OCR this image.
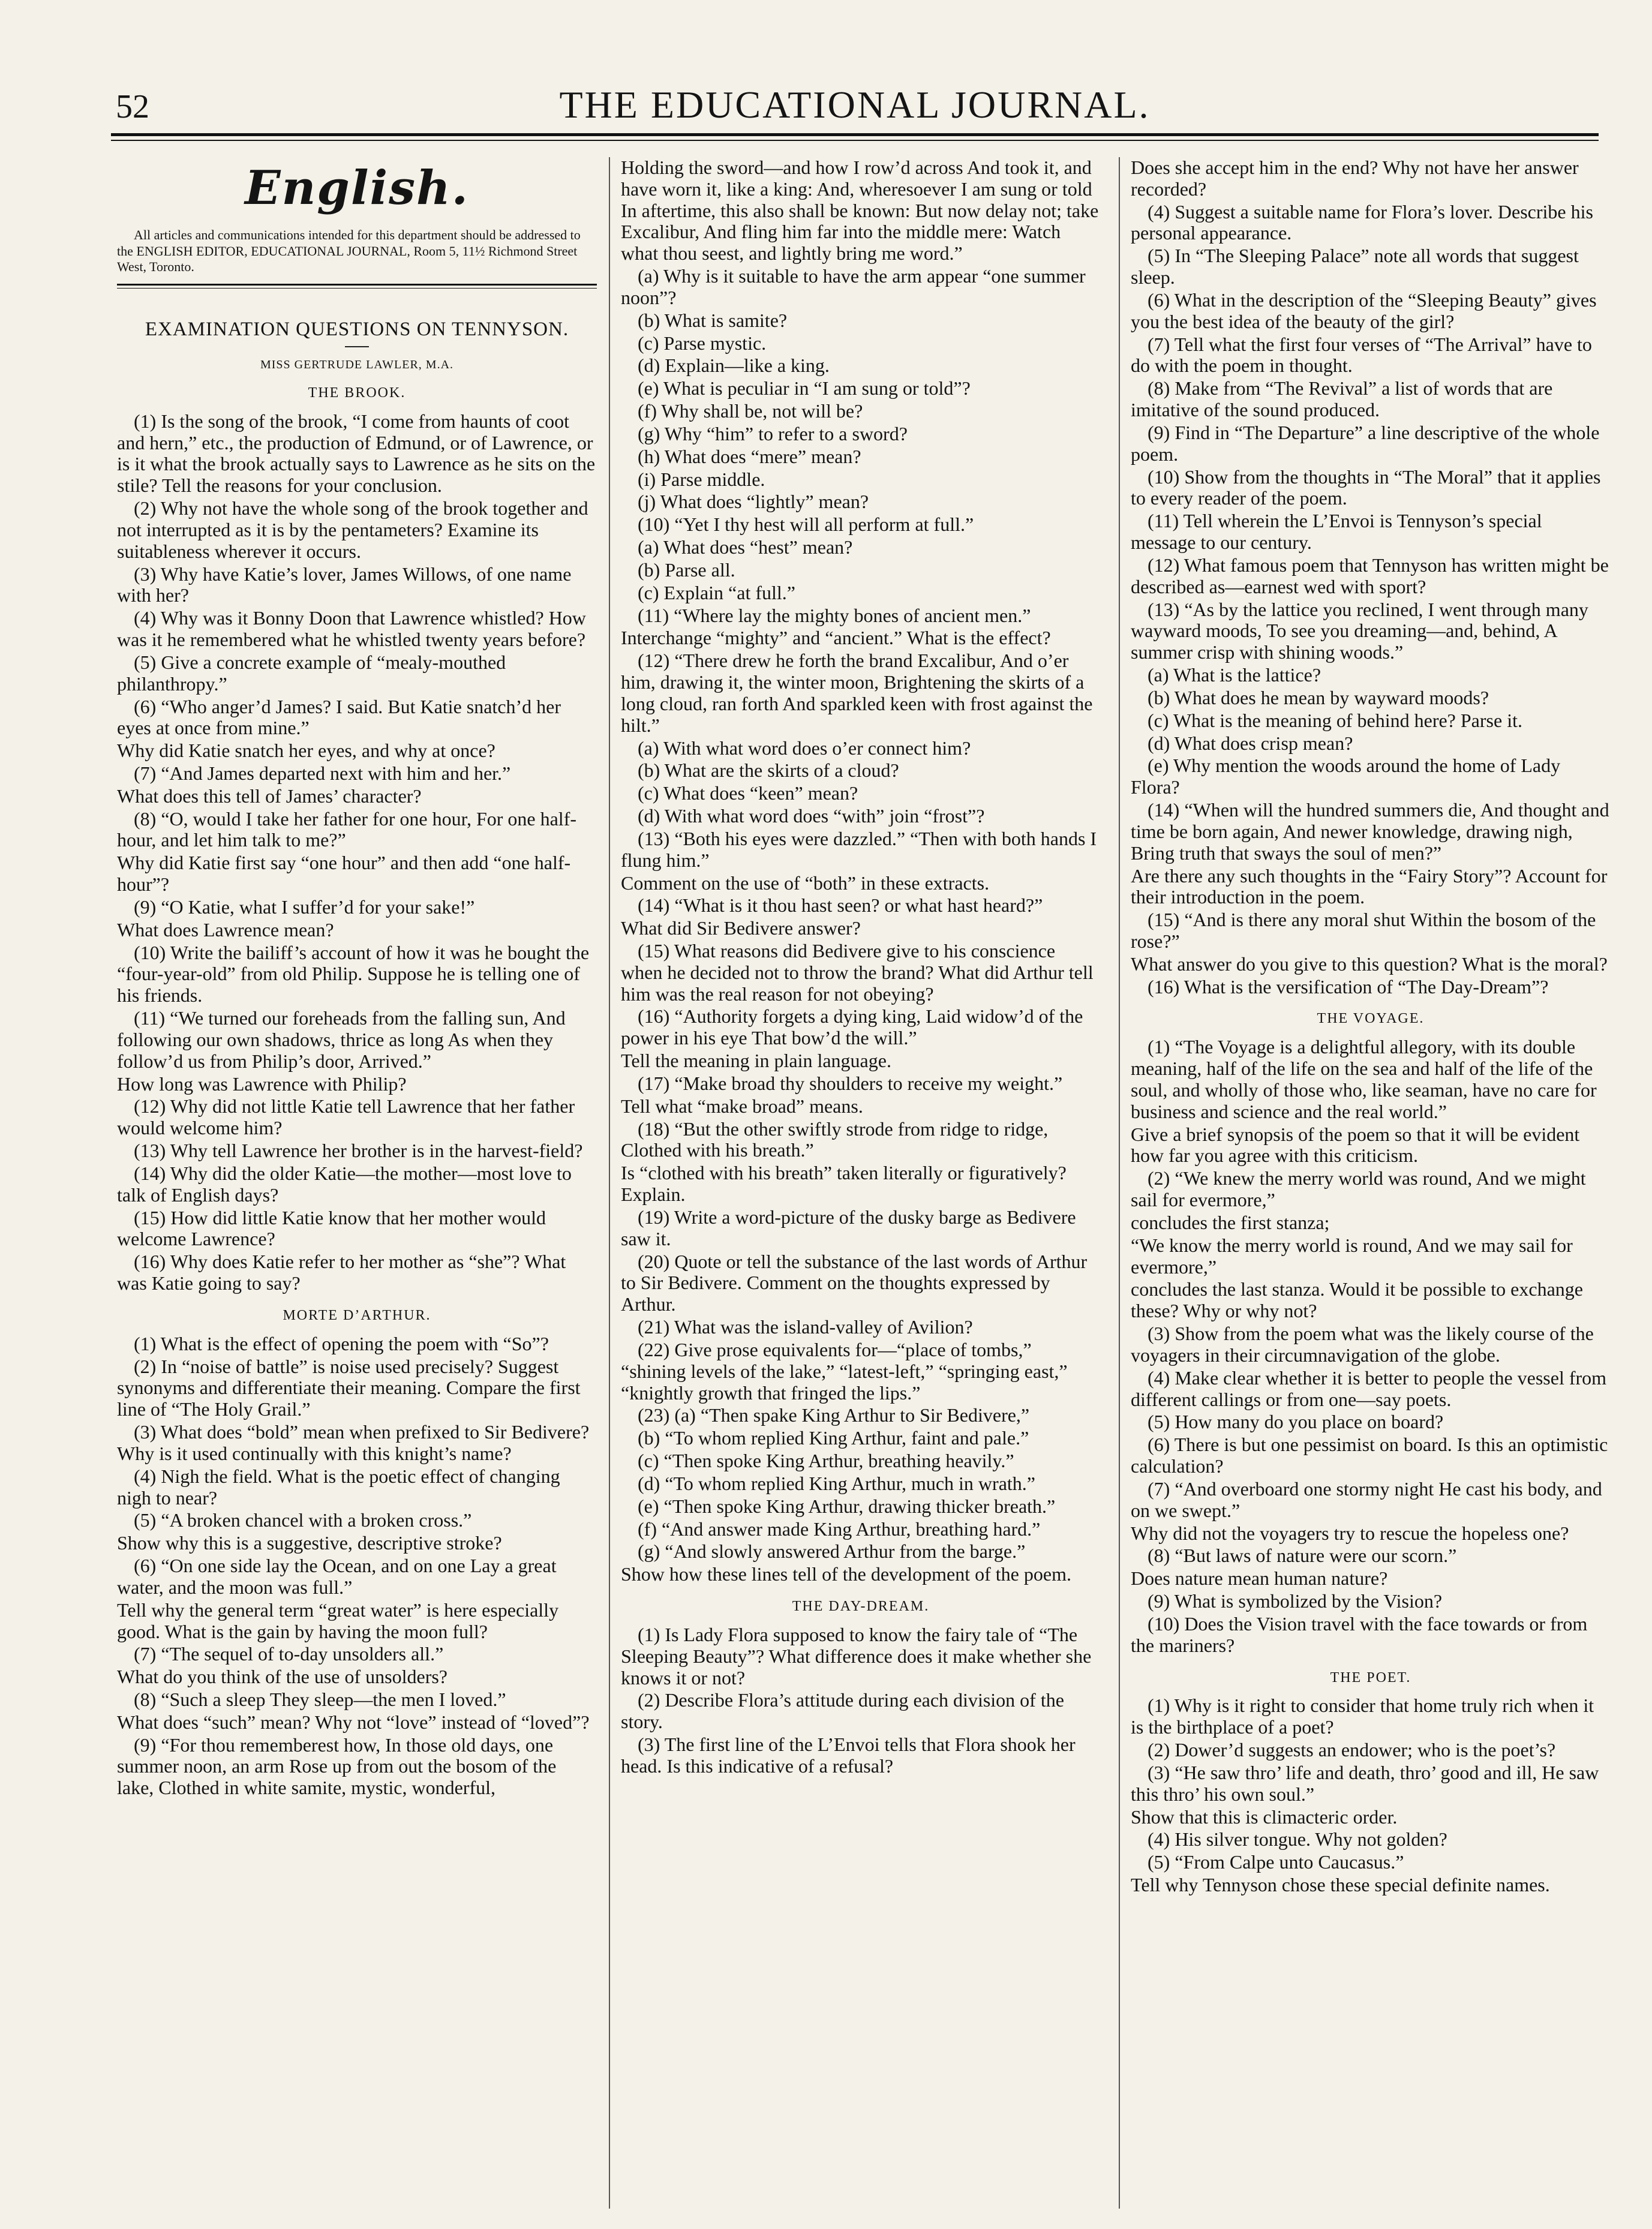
52	THE EDUCATIONAL JOURNAL.
English.
All articles and communications intended for this department should be addressed to the ENGLISH EDITOR, EDUCATIONAL JOURNAL, Room 5, 11½ Richmond Street West, Toronto.
EXAMINATION QUESTIONS ON TENNYSON.
MISS GERTRUDE LAWLER, M.A.
THE BROOK.
(1) Is the song of the brook, “I come from haunts of coot and hern,” etc., the production of Edmund, or of Lawrence, or is it what the brook actually says to Lawrence as he sits on the stile? Tell the reasons for your conclusion.
(2) Why not have the whole song of the brook together and not interrupted as it is by the pentameters? Examine its suitableness wherever it occurs.
(3) Why have Katie’s lover, James Willows, of one name with her?
(4) Why was it Bonny Doon that Lawrence whistled? How was it he remembered what he whistled twenty years before?
(5) Give a concrete example of “mealy-mouthed philanthropy.”
(6) “Who anger’d James? I said. But Katie snatch’d her eyes at once from mine.”
Why did Katie snatch her eyes, and why at once?
(7) “And James departed next with him and her.”
What does this tell of James’ character?
(8) “O, would I take her father for one hour, For one half-hour, and let him talk to me?”
Why did Katie first say “one hour” and then add “one half-hour”?
(9) “O Katie, what I suffer’d for your sake!”
What does Lawrence mean?
(10) Write the bailiff’s account of how it was he bought the “four-year-old” from old Philip. Suppose he is telling one of his friends.
(11) “We turned our foreheads from the falling sun, And following our own shadows, thrice as long As when they follow’d us from Philip’s door, Arrived.”
How long was Lawrence with Philip?
(12) Why did not little Katie tell Lawrence that her father would welcome him?
(13) Why tell Lawrence her brother is in the harvest-field?
(14) Why did the older Katie—the mother—most love to talk of English days?
(15) How did little Katie know that her mother would welcome Lawrence?
(16) Why does Katie refer to her mother as “she”? What was Katie going to say?
MORTE D’ARTHUR.
(1) What is the effect of opening the poem with “So”?
(2) In “noise of battle” is noise used precisely? Suggest synonyms and differentiate their meaning. Compare the first line of “The Holy Grail.”
(3) What does “bold” mean when prefixed to Sir Bedivere? Why is it used continually with this knight’s name?
(4) Nigh the field. What is the poetic effect of changing nigh to near?
(5) “A broken chancel with a broken cross.”
Show why this is a suggestive, descriptive stroke?
(6) “On one side lay the Ocean, and on one Lay a great water, and the moon was full.”
Tell why the general term “great water” is here especially good. What is the gain by having the moon full?
(7) “The sequel of to-day unsolders all.”
What do you think of the use of unsolders?
(8) “Such a sleep They sleep—the men I loved.”
What does “such” mean? Why not “love” instead of “loved”?
(9) “For thou rememberest how, In those old days, one summer noon, an arm Rose up from out the bosom of the lake, Clothed in white samite, mystic, wonderful,
Holding the sword—and how I row’d across And took it, and have worn it, like a king: And, wheresoever I am sung or told In aftertime, this also shall be known: But now delay not; take Excalibur, And fling him far into the middle mere: Watch what thou seest, and lightly bring me word.”
(a) Why is it suitable to have the arm appear “one summer noon”?
(b) What is samite?
(c) Parse mystic.
(d) Explain—like a king.
(e) What is peculiar in “I am sung or told”?
(f) Why shall be, not will be?
(g) Why “him” to refer to a sword?
(h) What does “mere” mean?
(i) Parse middle.
(j) What does “lightly” mean?
(10) “Yet I thy hest will all perform at full.”
(a) What does “hest” mean?
(b) Parse all.
(c) Explain “at full.”
(11) “Where lay the mighty bones of ancient men.”
Interchange “mighty” and “ancient.” What is the effect?
(12) “There drew he forth the brand Excalibur, And o’er him, drawing it, the winter moon, Brightening the skirts of a long cloud, ran forth And sparkled keen with frost against the hilt.”
(a) With what word does o’er connect him?
(b) What are the skirts of a cloud?
(c) What does “keen” mean?
(d) With what word does “with” join “frost”?
(13) “Both his eyes were dazzled.” “Then with both hands I flung him.”
Comment on the use of “both” in these extracts.
(14) “What is it thou hast seen? or what hast heard?”
What did Sir Bedivere answer?
(15) What reasons did Bedivere give to his conscience when he decided not to throw the brand? What did Arthur tell him was the real reason for not obeying?
(16) “Authority forgets a dying king, Laid widow’d of the power in his eye That bow’d the will.”
Tell the meaning in plain language.
(17) “Make broad thy shoulders to receive my weight.”
Tell what “make broad” means.
(18) “But the other swiftly strode from ridge to ridge, Clothed with his breath.”
Is “clothed with his breath” taken literally or figuratively? Explain.
(19) Write a word-picture of the dusky barge as Bedivere saw it.
(20) Quote or tell the substance of the last words of Arthur to Sir Bedivere. Comment on the thoughts expressed by Arthur.
(21) What was the island-valley of Avilion?
(22) Give prose equivalents for—“place of tombs,” “shining levels of the lake,” “latest-left,” “springing east,” “knightly growth that fringed the lips.”
(23) (a) “Then spake King Arthur to Sir Bedivere,”
(b) “To whom replied King Arthur, faint and pale.”
(c) “Then spoke King Arthur, breathing heavily.”
(d) “To whom replied King Arthur, much in wrath.”
(e) “Then spoke King Arthur, drawing thicker breath.”
(f) “And answer made King Arthur, breathing hard.”
(g) “And slowly answered Arthur from the barge.”
Show how these lines tell of the development of the poem.
THE DAY-DREAM.
(1) Is Lady Flora supposed to know the fairy tale of “The Sleeping Beauty”? What difference does it make whether she knows it or not?
(2) Describe Flora’s attitude during each division of the story.
(3) The first line of the L’Envoi tells that Flora shook her head. Is this indicative of a refusal?
Does she accept him in the end? Why not have her answer recorded?
(4) Suggest a suitable name for Flora’s lover. Describe his personal appearance.
(5) In “The Sleeping Palace” note all words that suggest sleep.
(6) What in the description of the “Sleeping Beauty” gives you the best idea of the beauty of the girl?
(7) Tell what the first four verses of “The Arrival” have to do with the poem in thought.
(8) Make from “The Revival” a list of words that are imitative of the sound produced.
(9) Find in “The Departure” a line descriptive of the whole poem.
(10) Show from the thoughts in “The Moral” that it applies to every reader of the poem.
(11) Tell wherein the L’Envoi is Tennyson’s special message to our century.
(12) What famous poem that Tennyson has written might be described as—earnest wed with sport?
(13) “As by the lattice you reclined, I went through many wayward moods, To see you dreaming—and, behind, A summer crisp with shining woods.”
(a) What is the lattice?
(b) What does he mean by wayward moods?
(c) What is the meaning of behind here? Parse it.
(d) What does crisp mean?
(e) Why mention the woods around the home of Lady Flora?
(14) “When will the hundred summers die, And thought and time be born again, And newer knowledge, drawing nigh, Bring truth that sways the soul of men?”
Are there any such thoughts in the “Fairy Story”? Account for their introduction in the poem.
(15) “And is there any moral shut Within the bosom of the rose?”
What answer do you give to this question? What is the moral?
(16) What is the versification of “The Day-Dream”?
THE VOYAGE.
(1) “The Voyage is a delightful allegory, with its double meaning, half of the life on the sea and half of the life of the soul, and wholly of those who, like seaman, have no care for business and science and the real world.”
Give a brief synopsis of the poem so that it will be evident how far you agree with this criticism.
(2) “We knew the merry world was round, And we might sail for evermore,”
concludes the first stanza;
“We know the merry world is round, And we may sail for evermore,”
concludes the last stanza. Would it be possible to exchange these? Why or why not?
(3) Show from the poem what was the likely course of the voyagers in their circumnavigation of the globe.
(4) Make clear whether it is better to people the vessel from different callings or from one—say poets.
(5) How many do you place on board?
(6) There is but one pessimist on board. Is this an optimistic calculation?
(7) “And overboard one stormy night He cast his body, and on we swept.”
Why did not the voyagers try to rescue the hopeless one?
(8) “But laws of nature were our scorn.”
Does nature mean human nature?
(9) What is symbolized by the Vision?
(10) Does the Vision travel with the face towards or from the mariners?
THE POET.
(1) Why is it right to consider that home truly rich when it is the birthplace of a poet?
(2) Dower’d suggests an endower; who is the poet’s?
(3) “He saw thro’ life and death, thro’ good and ill, He saw this thro’ his own soul.”
Show that this is climacteric order.
(4) His silver tongue. Why not golden?
(5) “From Calpe unto Caucasus.”
Tell why Tennyson chose these special definite names.
